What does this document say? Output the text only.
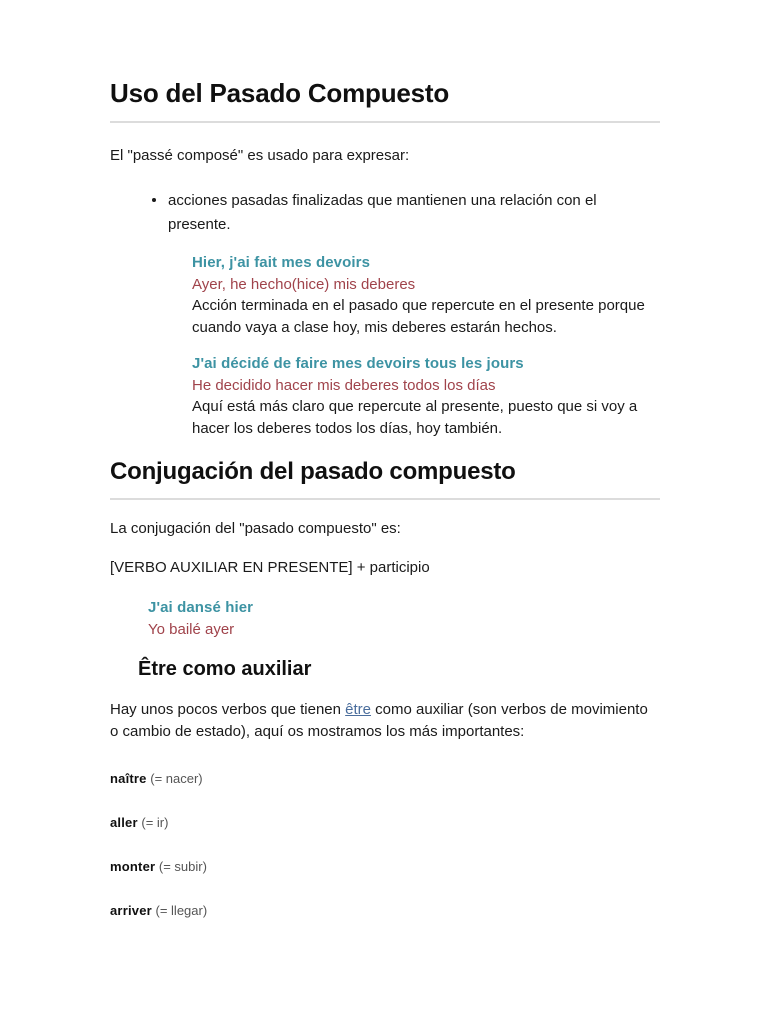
Uso del Pasado Compuesto

El "passé composé" es usado para expresar:

acciones pasadas finalizadas que mantienen una relación con el presente.
Hier, j'ai fait mes devoirs
Ayer, he hecho(hice) mis deberes
Acción terminada en el pasado que repercute en el presente porque cuando vaya a clase hoy, mis deberes estarán hechos.
J'ai décidé de faire mes devoirs tous les jours
He decidido hacer mis deberes todos los días
Aquí está más claro que repercute al presente, puesto que si voy a hacer los deberes todos los días, hoy también.
Conjugación del pasado compuesto

La conjugación del "pasado compuesto" es:

[VERBO AUXILIAR EN PRESENTE] + participio

J'ai dansé hier
Yo bailé ayer
Être como auxiliar

Hay unos pocos verbos que tienen être como auxiliar (son verbos de movimiento o cambio de estado), aquí os mostramos los más importantes:

naître (= nacer)
aller (= ir)
monter (= subir)
arriver (= llegar)
